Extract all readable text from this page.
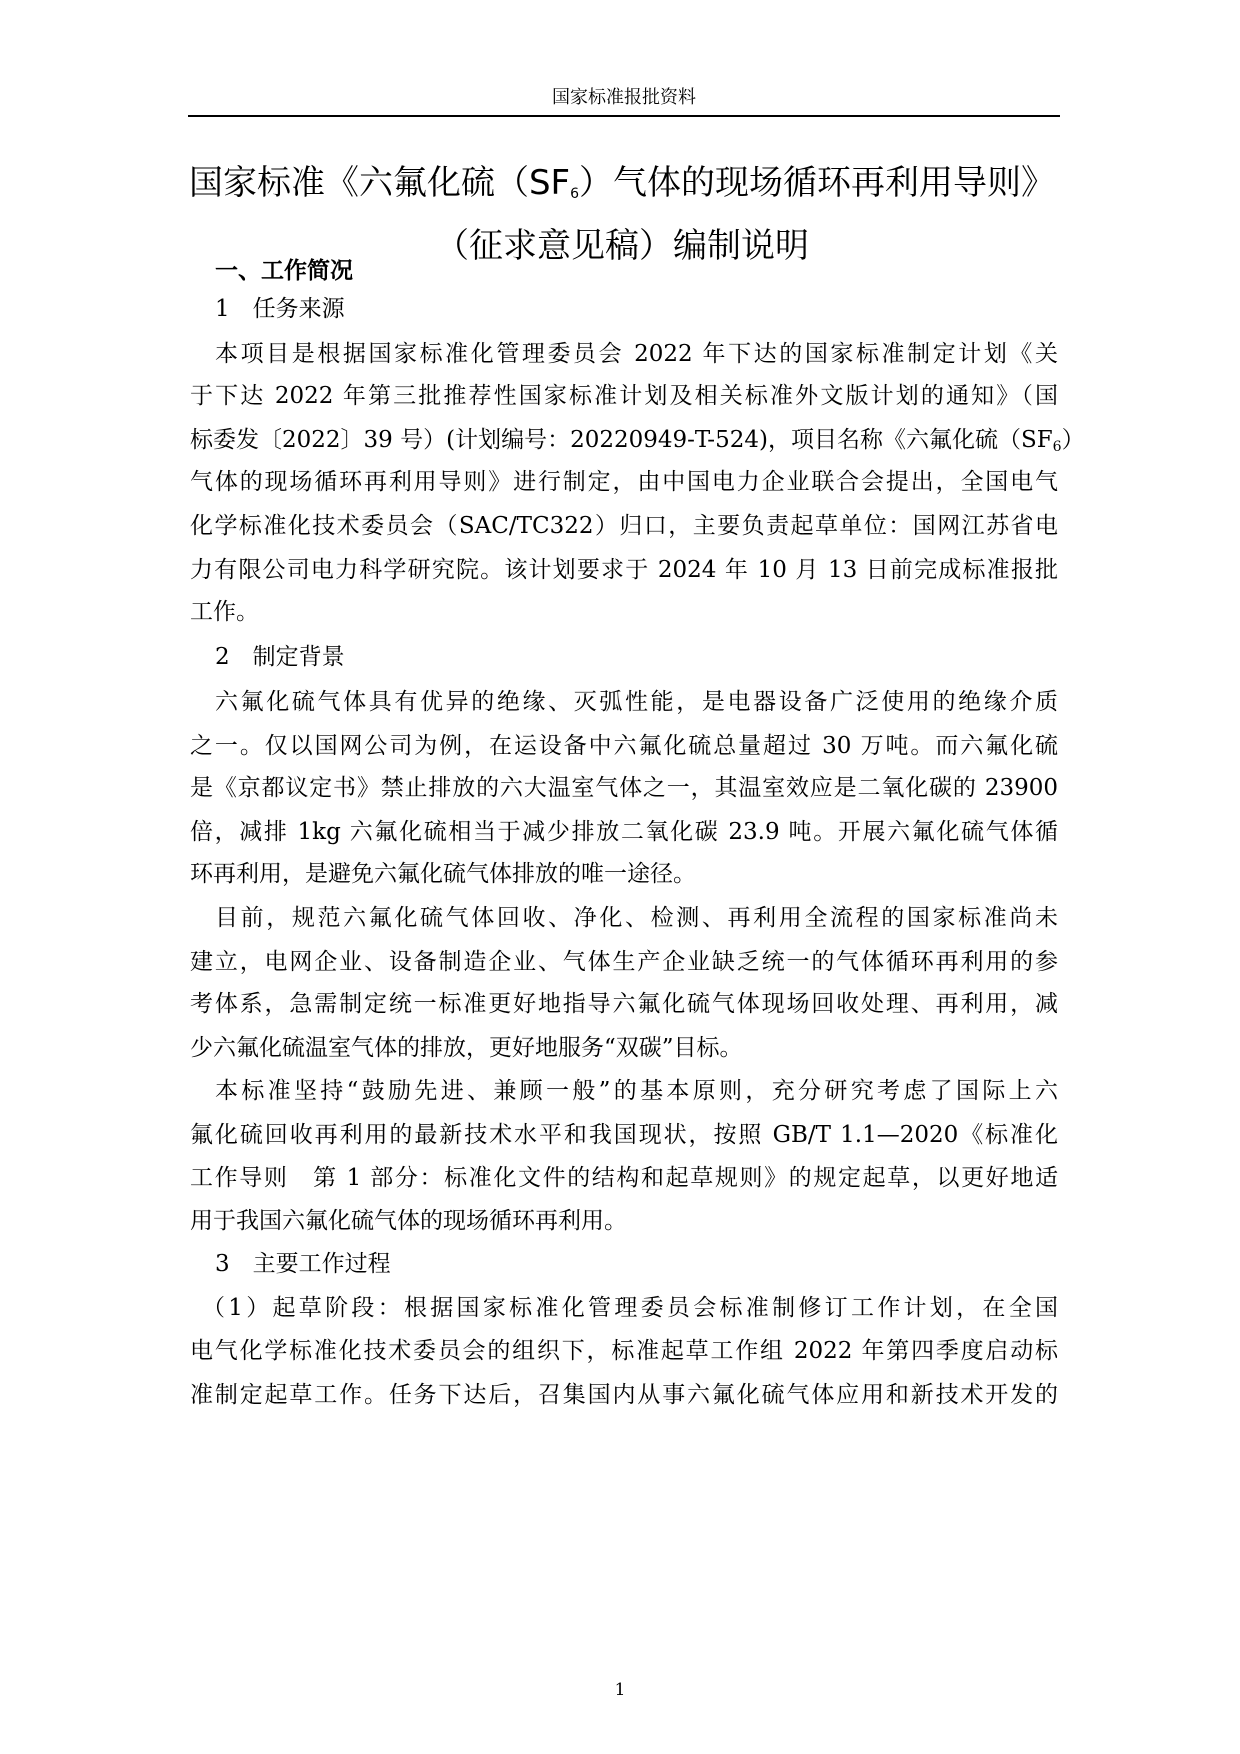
国家标准报批资料
国家标准《六氟化硫$(SF_6)$气体的现场循环再利用导则》
（征求意见稿）编制说明
一、工作简况
1　任务来源
本项目是根据国家标准化管理委员会 2022 年下达的国家标准制定计划《关
于下达 2022 年第三批推荐性国家标准计划及相关标准外文版计划的通知》（国
标委发〔2022〕39 号）(计划编号：20220949-T-524)，项目名称《六氟化硫（SF6）
气体的现场循环再利用导则》进行制定，由中国电力企业联合会提出，全国电气
化学标准化技术委员会（SAC/TC322）归口，主要负责起草单位：国网江苏省电
力有限公司电力科学研究院。该计划要求于 2024 年 10 月 13 日前完成标准报批
工作。
2　制定背景
六氟化硫气体具有优异的绝缘、灭弧性能，是电器设备广泛使用的绝缘介质
之一。仅以国网公司为例，在运设备中六氟化硫总量超过 30 万吨。而六氟化硫
是《京都议定书》禁止排放的六大温室气体之一，其温室效应是二氧化碳的 23900
倍，减排 1kg 六氟化硫相当于减少排放二氧化碳 23.9 吨。开展六氟化硫气体循
环再利用，是避免六氟化硫气体排放的唯一途径。
目前，规范六氟化硫气体回收、净化、检测、再利用全流程的国家标准尚未
建立，电网企业、设备制造企业、气体生产企业缺乏统一的气体循环再利用的参
考体系，急需制定统一标准更好地指导六氟化硫气体现场回收处理、再利用，减
少六氟化硫温室气体的排放，更好地服务“双碳”目标。
本标准坚持“鼓励先进、兼顾一般”的基本原则，充分研究考虑了国际上六
氟化硫回收再利用的最新技术水平和我国现状，按照 GB/T 1.1—2020《标准化
工作导则　第 1 部分：标准化文件的结构和起草规则》的规定起草，以更好地适
用于我国六氟化硫气体的现场循环再利用。
3　主要工作过程
（1）起草阶段：根据国家标准化管理委员会标准制修订工作计划，在全国
电气化学标准化技术委员会的组织下，标准起草工作组 2022 年第四季度启动标
准制定起草工作。任务下达后，召集国内从事六氟化硫气体应用和新技术开发的
1
